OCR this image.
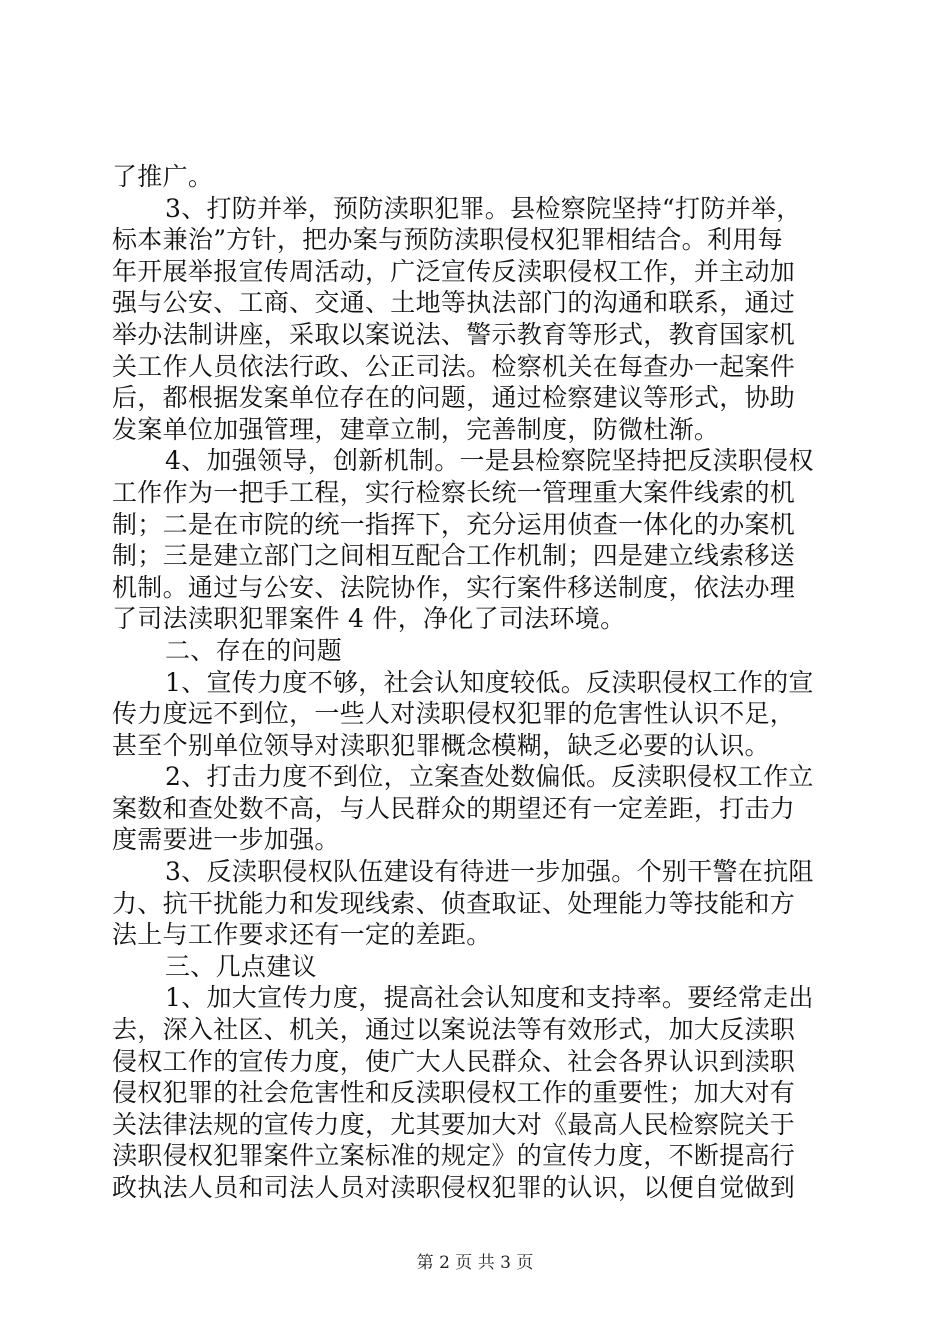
了推广。
3、打防并举，预防渎职犯罪。县检察院坚持“打防并举，
标本兼治”方针，把办案与预防渎职侵权犯罪相结合。利用每
年开展举报宣传周活动，广泛宣传反渎职侵权工作，并主动加
强与公安、工商、交通、土地等执法部门的沟通和联系，通过
举办法制讲座，采取以案说法、警示教育等形式，教育国家机
关工作人员依法行政、公正司法。检察机关在每查办一起案件
后，都根据发案单位存在的问题，通过检察建议等形式，协助
发案单位加强管理，建章立制，完善制度，防微杜渐。
4、加强领导，创新机制。一是县检察院坚持把反渎职侵权
工作作为一把手工程，实行检察长统一管理重大案件线索的机
制；二是在市院的统一指挥下，充分运用侦查一体化的办案机
制；三是建立部门之间相互配合工作机制；四是建立线索移送
机制。通过与公安、法院协作，实行案件移送制度，依法办理
了司法渎职犯罪案件 4 件，净化了司法环境。
二、存在的问题
1、宣传力度不够，社会认知度较低。反渎职侵权工作的宣
传力度远不到位，一些人对渎职侵权犯罪的危害性认识不足，
甚至个别单位领导对渎职犯罪概念模糊，缺乏必要的认识。
2、打击力度不到位，立案查处数偏低。反渎职侵权工作立
案数和查处数不高，与人民群众的期望还有一定差距，打击力
度需要进一步加强。
3、反渎职侵权队伍建设有待进一步加强。个别干警在抗阻
力、抗干扰能力和发现线索、侦查取证、处理能力等技能和方
法上与工作要求还有一定的差距。
三、几点建议
1、加大宣传力度，提高社会认知度和支持率。要经常走出
去，深入社区、机关，通过以案说法等有效形式，加大反渎职
侵权工作的宣传力度，使广大人民群众、社会各界认识到渎职
侵权犯罪的社会危害性和反渎职侵权工作的重要性；加大对有
关法律法规的宣传力度，尤其要加大对《最高人民检察院关于
渎职侵权犯罪案件立案标准的规定》的宣传力度，不断提高行
政执法人员和司法人员对渎职侵权犯罪的认识，以便自觉做到
第 2 页 共 3 页
